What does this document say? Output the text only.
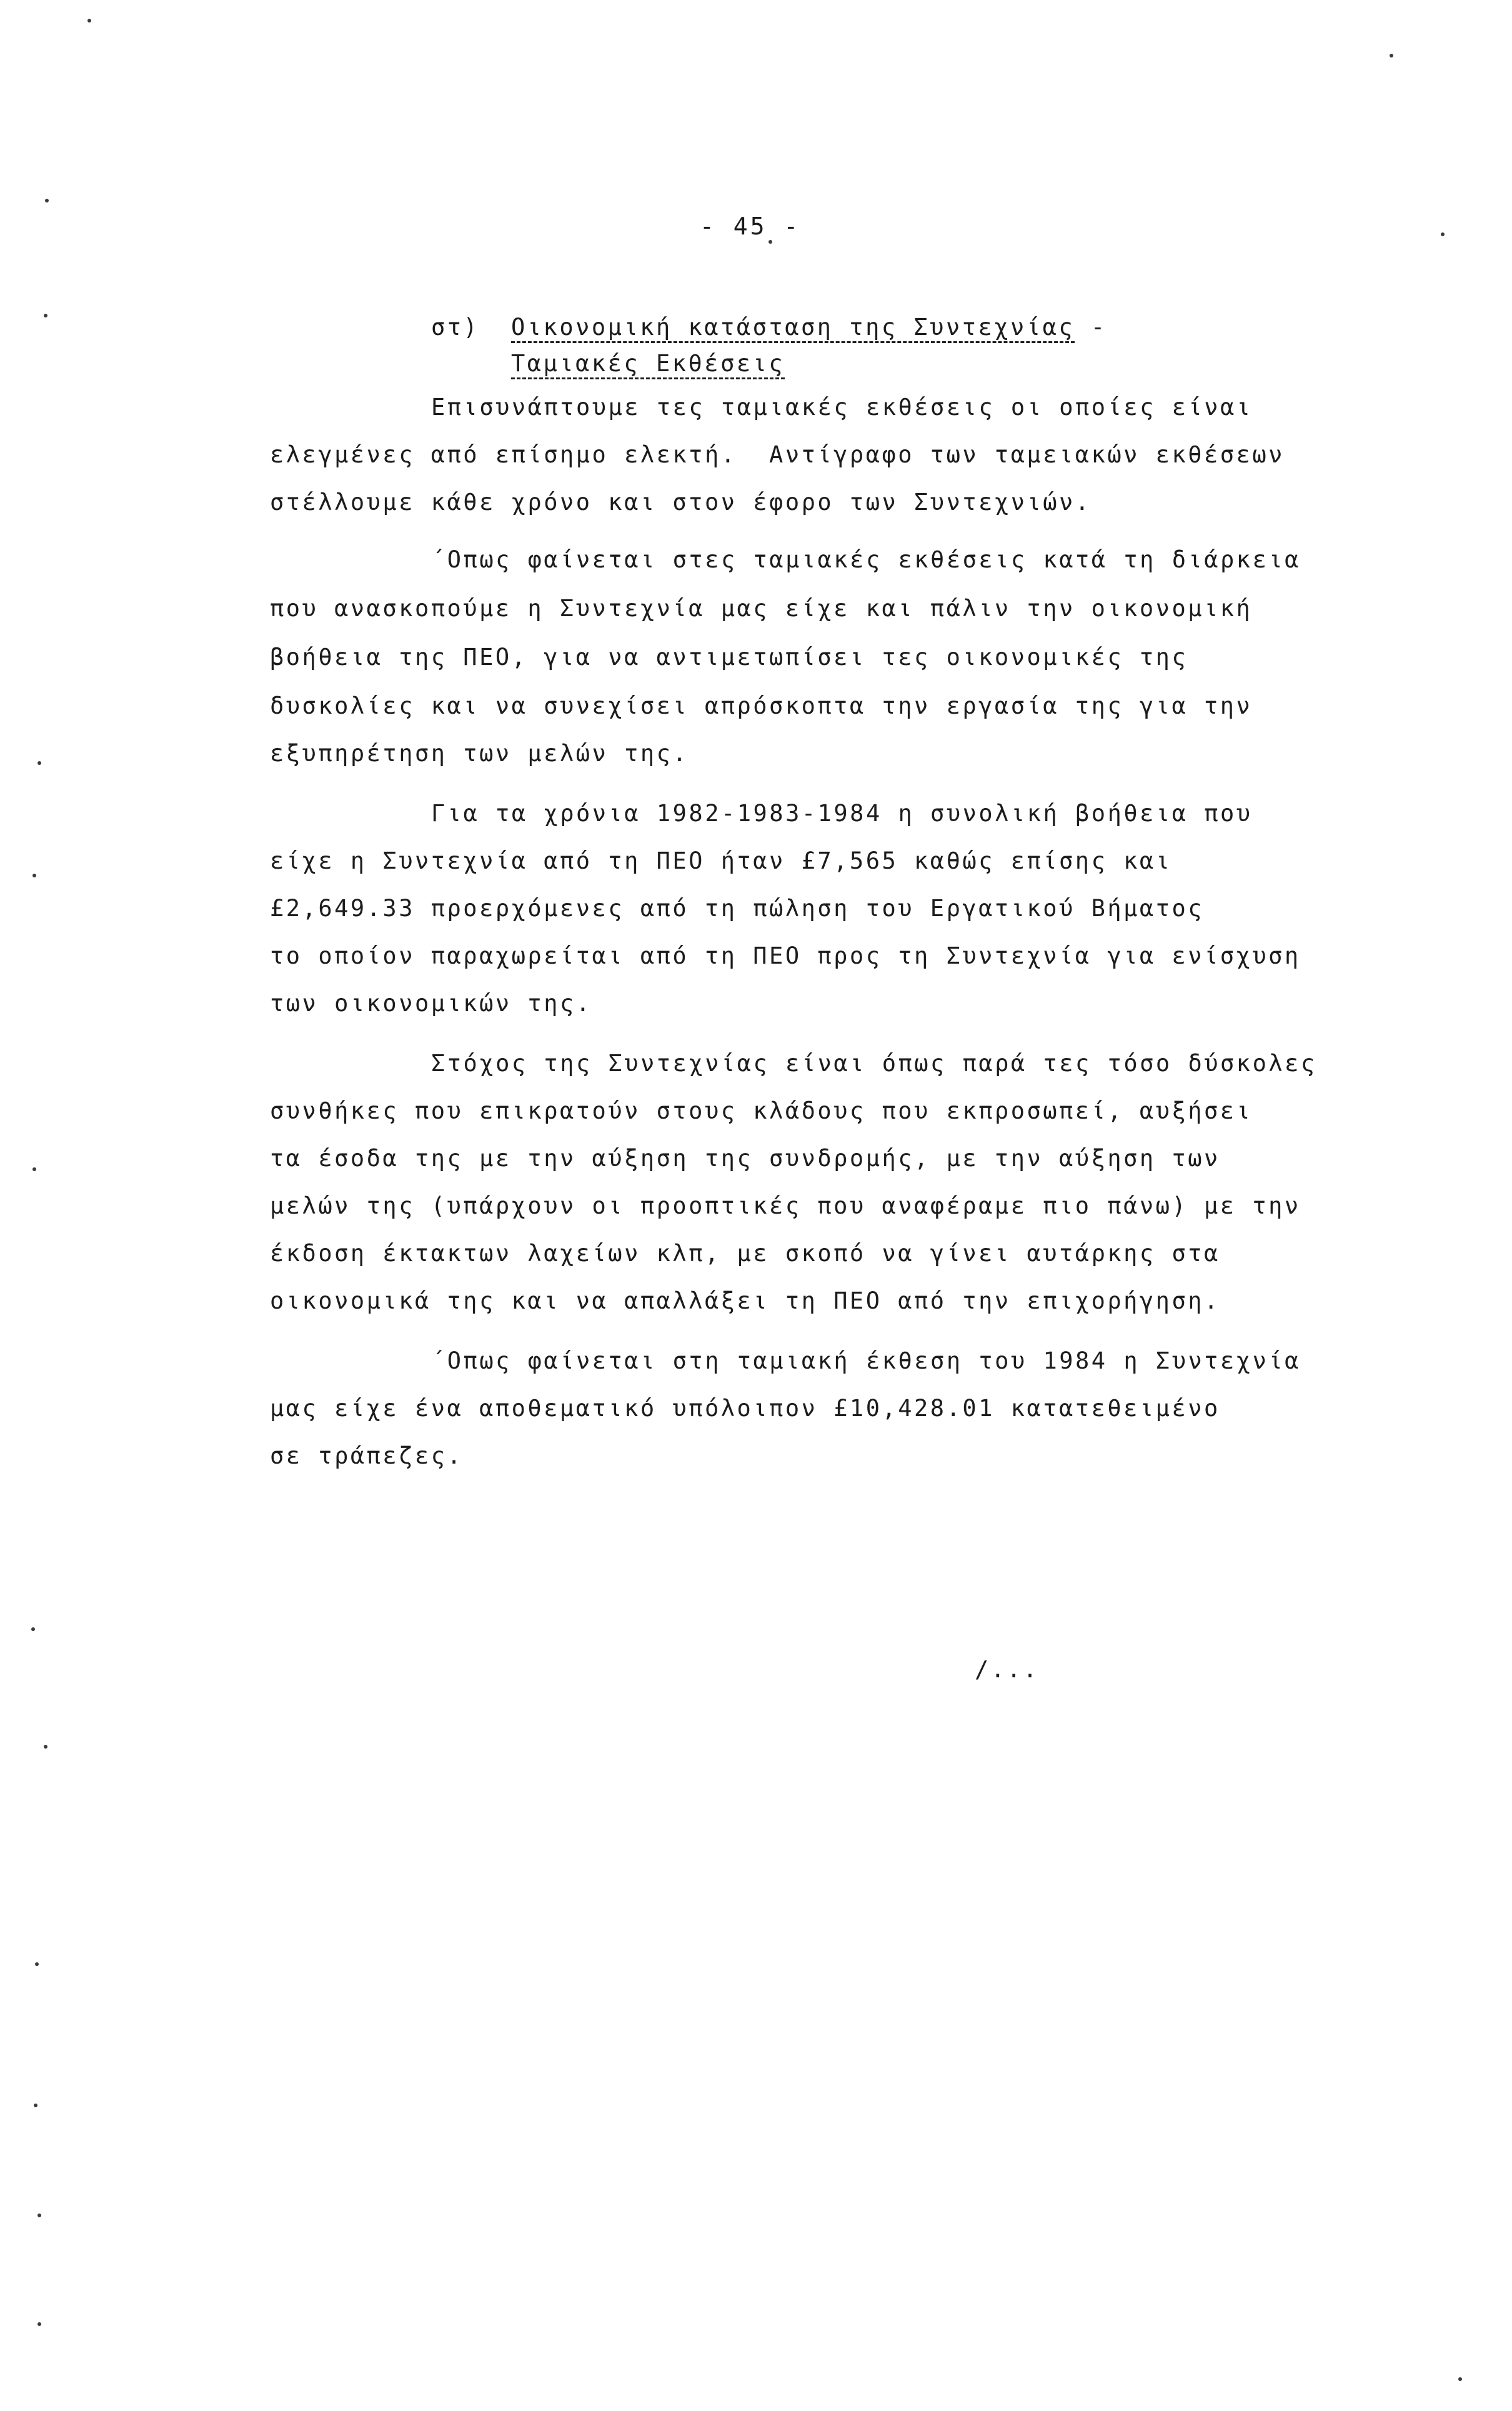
- 45 -
στ) Οικονομική κατάσταση της Συντεχνίας -
Ταμιακές Εκθέσεις
Επισυνάπτουμε τες ταμιακές εκθέσεις οι οποίες είναι
ελεγμένες από επίσημο ελεκτή.  Αντίγραφο των ταμειακών εκθέσεων
στέλλουμε κάθε χρόνο και στον έφορο των Συντεχνιών.
΄Οπως φαίνεται στες ταμιακές εκθέσεις κατά τη διάρκεια
που ανασκοπούμε η Συντεχνία μας είχε και πάλιν την οικονομική
βοήθεια της ΠΕΟ, για να αντιμετωπίσει τες οικονομικές της
δυσκολίες και να συνεχίσει απρόσκοπτα την εργασία της για την
εξυπηρέτηση των μελών της.
Για τα χρόνια 1982-1983-1984 η συνολική βοήθεια που
είχε η Συντεχνία από τη ΠΕΟ ήταν £7,565 καθώς επίσης και
£2,649.33 προερχόμενες από τη πώληση του Εργατικού Βήματος
το οποίον παραχωρείται από τη ΠΕΟ προς τη Συντεχνία για ενίσχυση
των οικονομικών της.
Στόχος της Συντεχνίας είναι όπως παρά τες τόσο δύσκολες
συνθήκες που επικρατούν στους κλάδους που εκπροσωπεί, αυξήσει
τα έσοδα της με την αύξηση της συνδρομής, με την αύξηση των
μελών της (υπάρχουν οι προοπτικές που αναφέραμε πιο πάνω) με την
έκδοση έκτακτων λαχείων κλπ, με σκοπό να γίνει αυτάρκης στα
οικονομικά της και να απαλλάξει τη ΠΕΟ από την επιχορήγηση.
΄Οπως φαίνεται στη ταμιακή έκθεση του 1984 η Συντεχνία
μας είχε ένα αποθεματικό υπόλοιπον £10,428.01 κατατεθειμένο
σε τράπεζες.
/...
